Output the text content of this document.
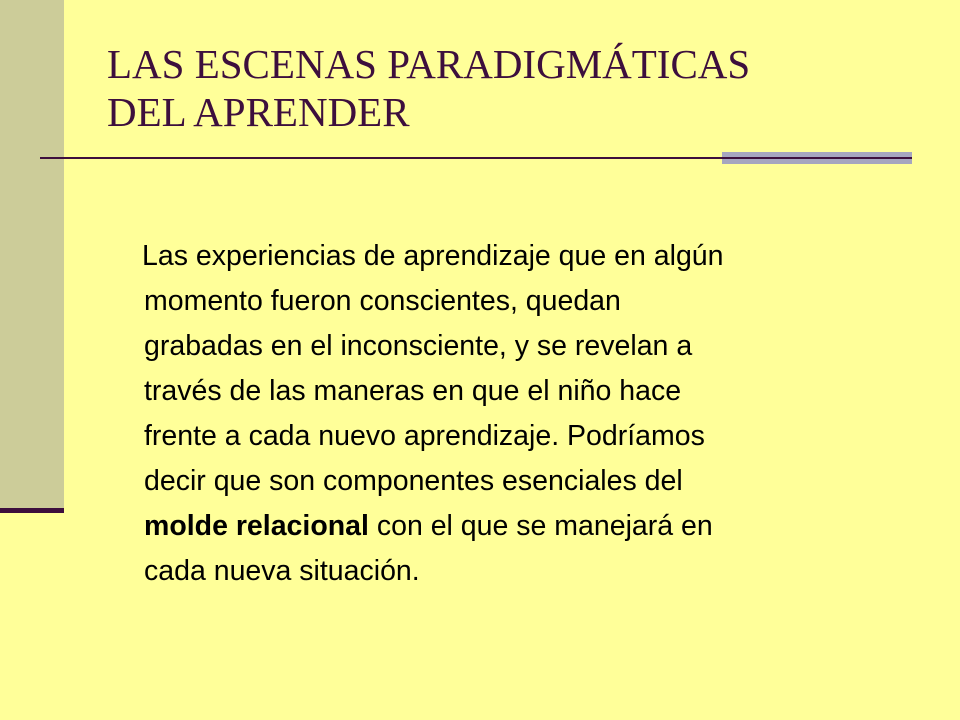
LAS ESCENAS PARADIGMÁTICAS
DEL APRENDER

Las experiencias de aprendizaje que en algún
momento fueron conscientes, quedan
grabadas en el inconsciente, y se revelan a
través de las maneras en que el niño hace
frente a cada nuevo aprendizaje. Podríamos
decir que son componentes esenciales del
molde relacional con el que se manejará en
cada nueva situación.
